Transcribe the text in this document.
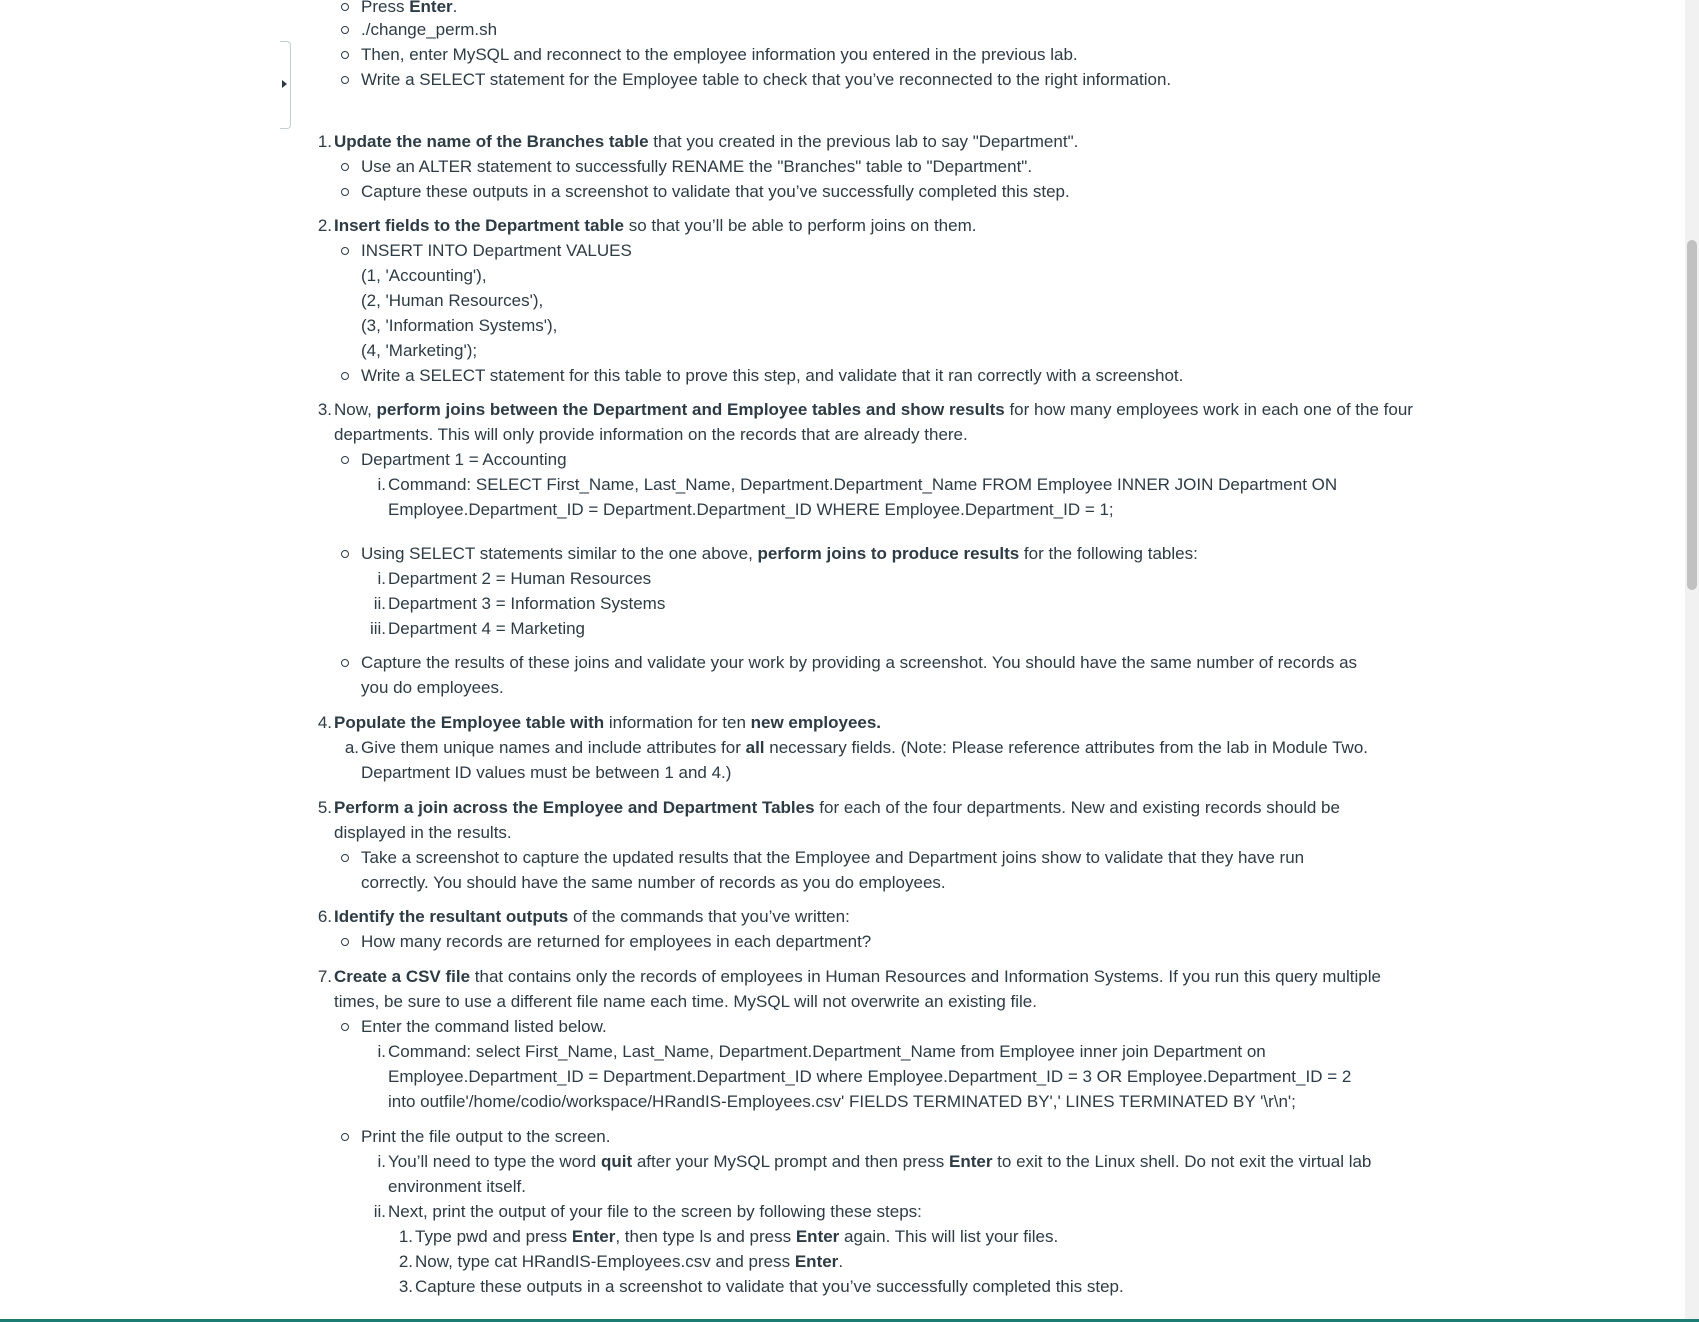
Press Enter.
./change_perm.sh
Then, enter MySQL and reconnect to the employee information you entered in the previous lab.
Write a SELECT statement for the Employee table to check that you’ve reconnected to the right information.
1. Update the name of the Branches table that you created in the previous lab to say "Department".
Use an ALTER statement to successfully RENAME the "Branches" table to "Department".
Capture these outputs in a screenshot to validate that you’ve successfully completed this step.
2. Insert fields to the Department table so that you’ll be able to perform joins on them.
INSERT INTO Department VALUES
(1, 'Accounting'),
(2, 'Human Resources'),
(3, 'Information Systems'),
(4, 'Marketing');
Write a SELECT statement for this table to prove this step, and validate that it ran correctly with a screenshot.
3. Now, perform joins between the Department and Employee tables and show results for how many employees work in each one of the four
departments. This will only provide information on the records that are already there.
Department 1 = Accounting
i. Command: SELECT First_Name, Last_Name, Department.Department_Name FROM Employee INNER JOIN Department ON
Employee.Department_ID = Department.Department_ID WHERE Employee.Department_ID = 1;
Using SELECT statements similar to the one above, perform joins to produce results for the following tables:
i. Department 2 = Human Resources
ii. Department 3 = Information Systems
iii. Department 4 = Marketing
Capture the results of these joins and validate your work by providing a screenshot. You should have the same number of records as
you do employees.
4. Populate the Employee table with information for ten new employees.
a. Give them unique names and include attributes for all necessary fields. (Note: Please reference attributes from the lab in Module Two.
Department ID values must be between 1 and 4.)
5. Perform a join across the Employee and Department Tables for each of the four departments. New and existing records should be
displayed in the results.
Take a screenshot to capture the updated results that the Employee and Department joins show to validate that they have run
correctly. You should have the same number of records as you do employees.
6. Identify the resultant outputs of the commands that you’ve written:
How many records are returned for employees in each department?
7. Create a CSV file that contains only the records of employees in Human Resources and Information Systems. If you run this query multiple
times, be sure to use a different file name each time. MySQL will not overwrite an existing file.
Enter the command listed below.
i. Command: select First_Name, Last_Name, Department.Department_Name from Employee inner join Department on
Employee.Department_ID = Department.Department_ID where Employee.Department_ID = 3 OR Employee.Department_ID = 2
into outfile'/home/codio/workspace/HRandIS-Employees.csv' FIELDS TERMINATED BY',' LINES TERMINATED BY '\r\n';
Print the file output to the screen.
i. You’ll need to type the word quit after your MySQL prompt and then press Enter to exit to the Linux shell. Do not exit the virtual lab
environment itself.
ii. Next, print the output of your file to the screen by following these steps:
1. Type pwd and press Enter, then type ls and press Enter again. This will list your files.
2. Now, type cat HRandIS-Employees.csv and press Enter.
3. Capture these outputs in a screenshot to validate that you’ve successfully completed this step.
